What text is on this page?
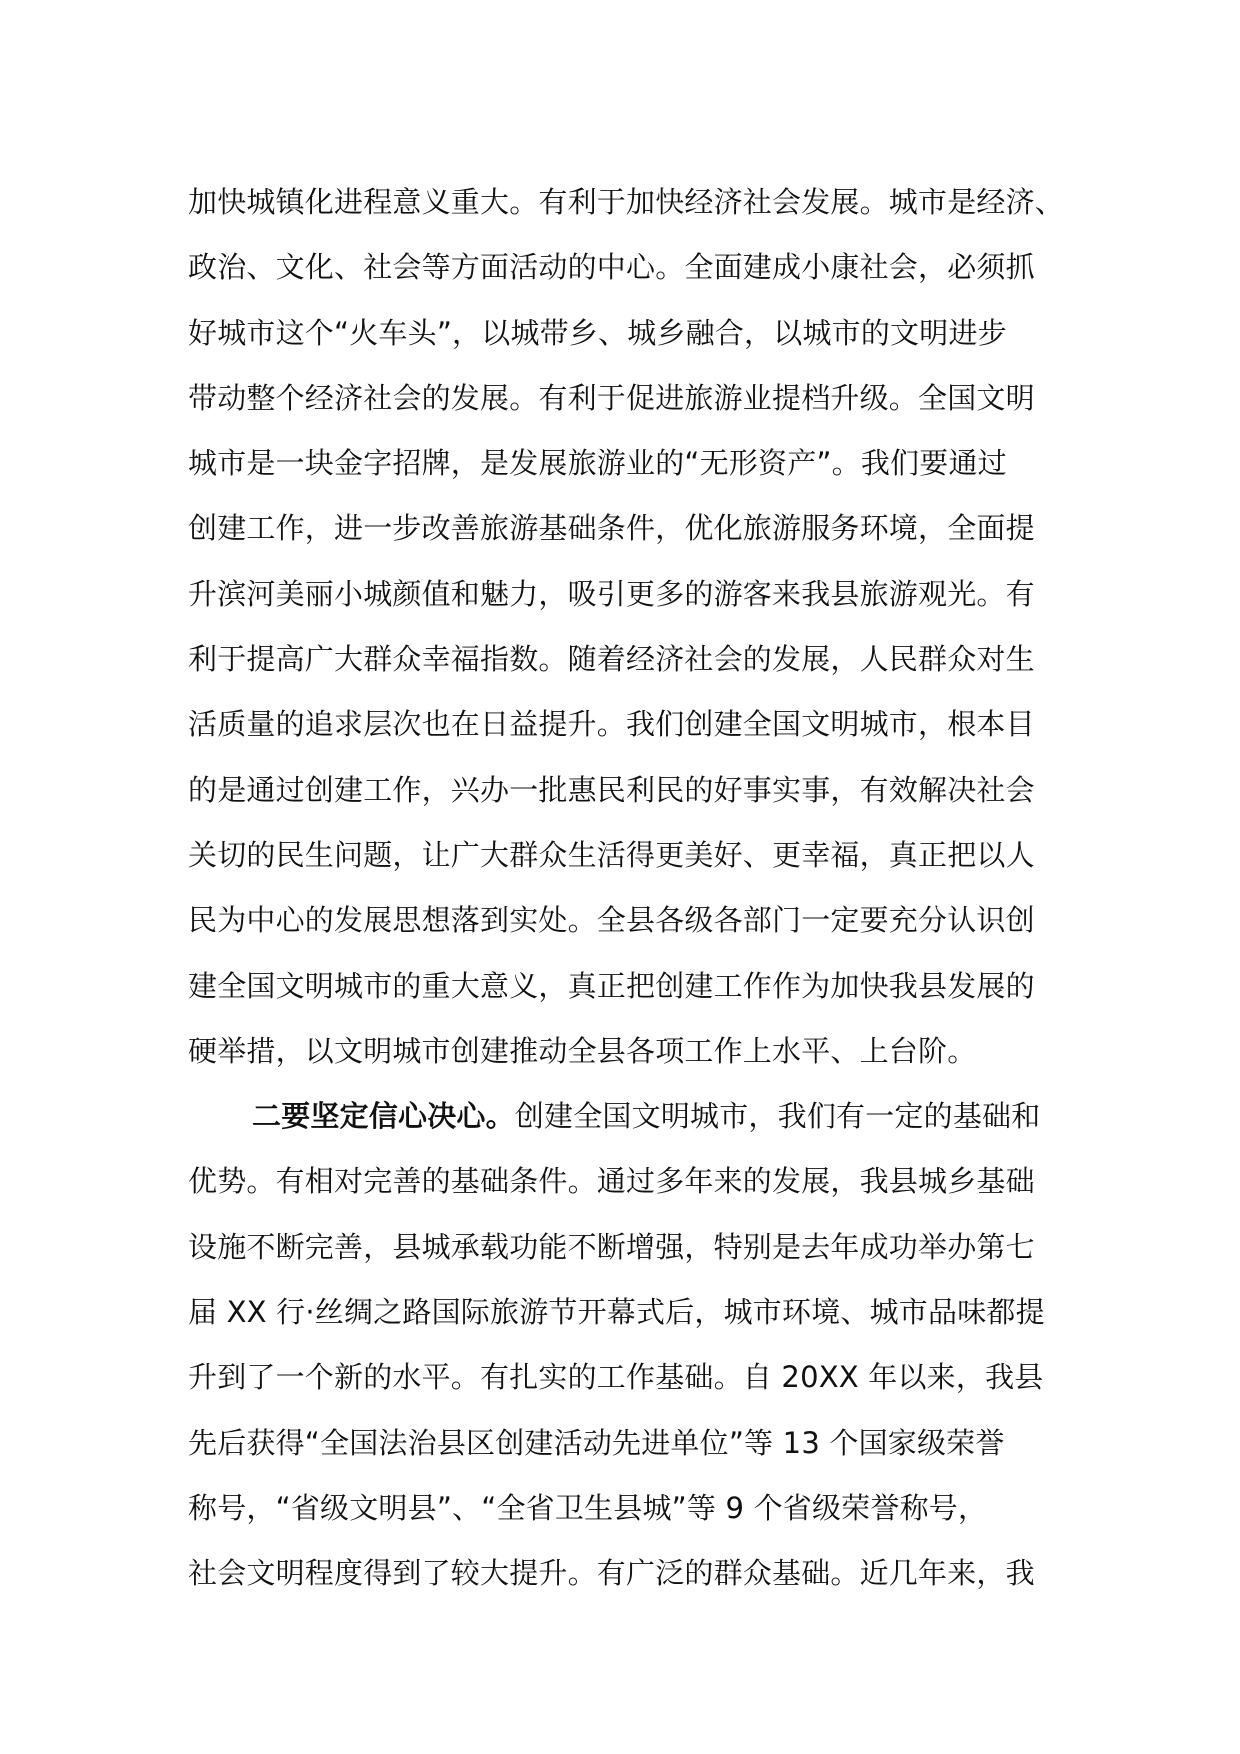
加快城镇化进程意义重大。有利于加快经济社会发展。城市是经济、
政治、文化、社会等方面活动的中心。全面建成小康社会，必须抓
好城市这个“火车头”，以城带乡、城乡融合，以城市的文明进步
带动整个经济社会的发展。有利于促进旅游业提档升级。全国文明
城市是一块金字招牌，是发展旅游业的“无形资产”。我们要通过
创建工作，进一步改善旅游基础条件，优化旅游服务环境，全面提
升滨河美丽小城颜值和魅力，吸引更多的游客来我县旅游观光。有
利于提高广大群众幸福指数。随着经济社会的发展，人民群众对生
活质量的追求层次也在日益提升。我们创建全国文明城市，根本目
的是通过创建工作，兴办一批惠民利民的好事实事，有效解决社会
关切的民生问题，让广大群众生活得更美好、更幸福，真正把以人
民为中心的发展思想落到实处。全县各级各部门一定要充分认识创
建全国文明城市的重大意义，真正把创建工作作为加快我县发展的
硬举措，以文明城市创建推动全县各项工作上水平、上台阶。
二要坚定信心决心。创建全国文明城市，我们有一定的基础和
优势。有相对完善的基础条件。通过多年来的发展，我县城乡基础
设施不断完善，县城承载功能不断增强，特别是去年成功举办第七
届 XX 行·丝绸之路国际旅游节开幕式后，城市环境、城市品味都提
升到了一个新的水平。有扎实的工作基础。自 20XX 年以来，我县
先后获得“全国法治县区创建活动先进单位”等 13 个国家级荣誉
称号，“省级文明县”、“全省卫生县城”等 9 个省级荣誉称号，
社会文明程度得到了较大提升。有广泛的群众基础。近几年来，我
